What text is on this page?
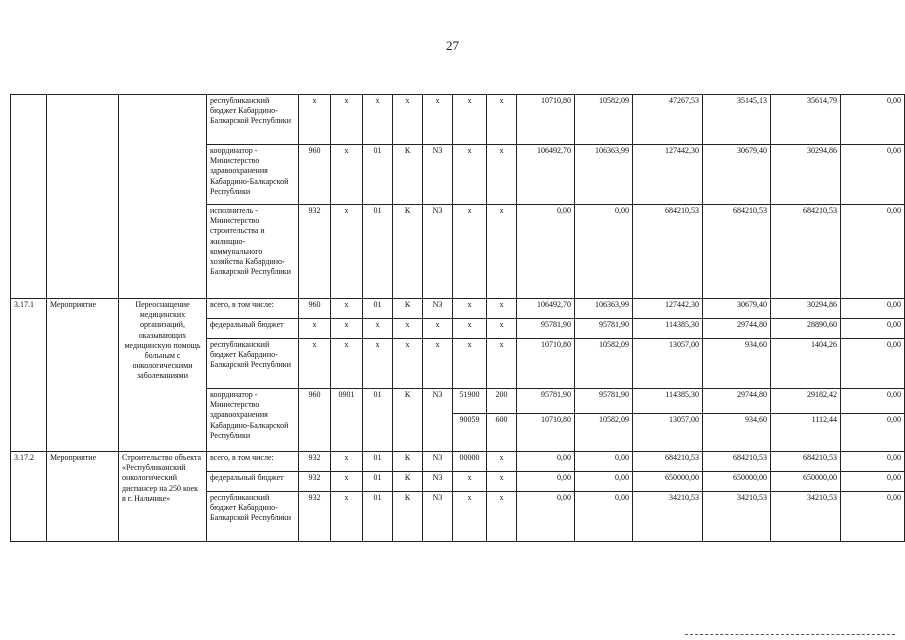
27
			республиканский бюджет Кабардино-Балкарской Республики	x	x	x	x	x	x	x	10710,80	10582,09	47267,53	35145,13	35614,79	0,00
			координатор - Министерство здравоохранения Кабардино-Балкарской Республики	960	x	01	К	N3	x	x	106492,70	106363,99	127442,30	30679,40	30294,86	0,00
			исполнитель - Министерство строительства и жилищно-коммунального хозяйства Кабардино-Балкарской Республики	932	x	01	К	N3	x	x	0,00	0,00	684210,53	684210,53	684210,53	0,00
3.17.1	Мероприятие	Переоснащение медицинских организаций, оказывающих медицинскую помощь больным с онкологическими заболеваниями	всего, в том числе:	960	x	01	К	N3	x	x	106492,70	106363,99	127442,30	30679,40	30294,86	0,00
			федеральный бюджет	x	x	x	x	x	x	x	95781,90	95781,90	114385,30	29744,80	28890,60	0,00
			республиканский бюджет Кабардино-Балкарской Республики	x	x	x	x	x	x	x	10710,80	10582,09	13057,00	934,60	1404,26	0,00
			координатор - Министерство здравоохранения Кабардино-Балкарской Республики	960	0901	01	К	N3	51900	200	95781,90	95781,90	114385,30	29744,80	29182,42	0,00
									90059	600	10710,80	10582,09	13057,00	934,60	1112,44	0,00
3.17.2	Мероприятие	Строительство объекта «Республиканский онкологический диспансер на 250 коек в г. Нальчике»	всего, в том числе:	932	x	01	К	N3	00000	x	0,00	0,00	684210,53	684210,53	684210,53	0,00
			федеральный бюджет	932	x	01	К	N3	x	x	0,00	0,00	650000,00	650000,00	650000,00	0,00
			республиканский бюджет Кабардино-Балкарской Республики	932	x	01	К	N3	x	x	0,00	0,00	34210,53	34210,53	34210,53	0,00
